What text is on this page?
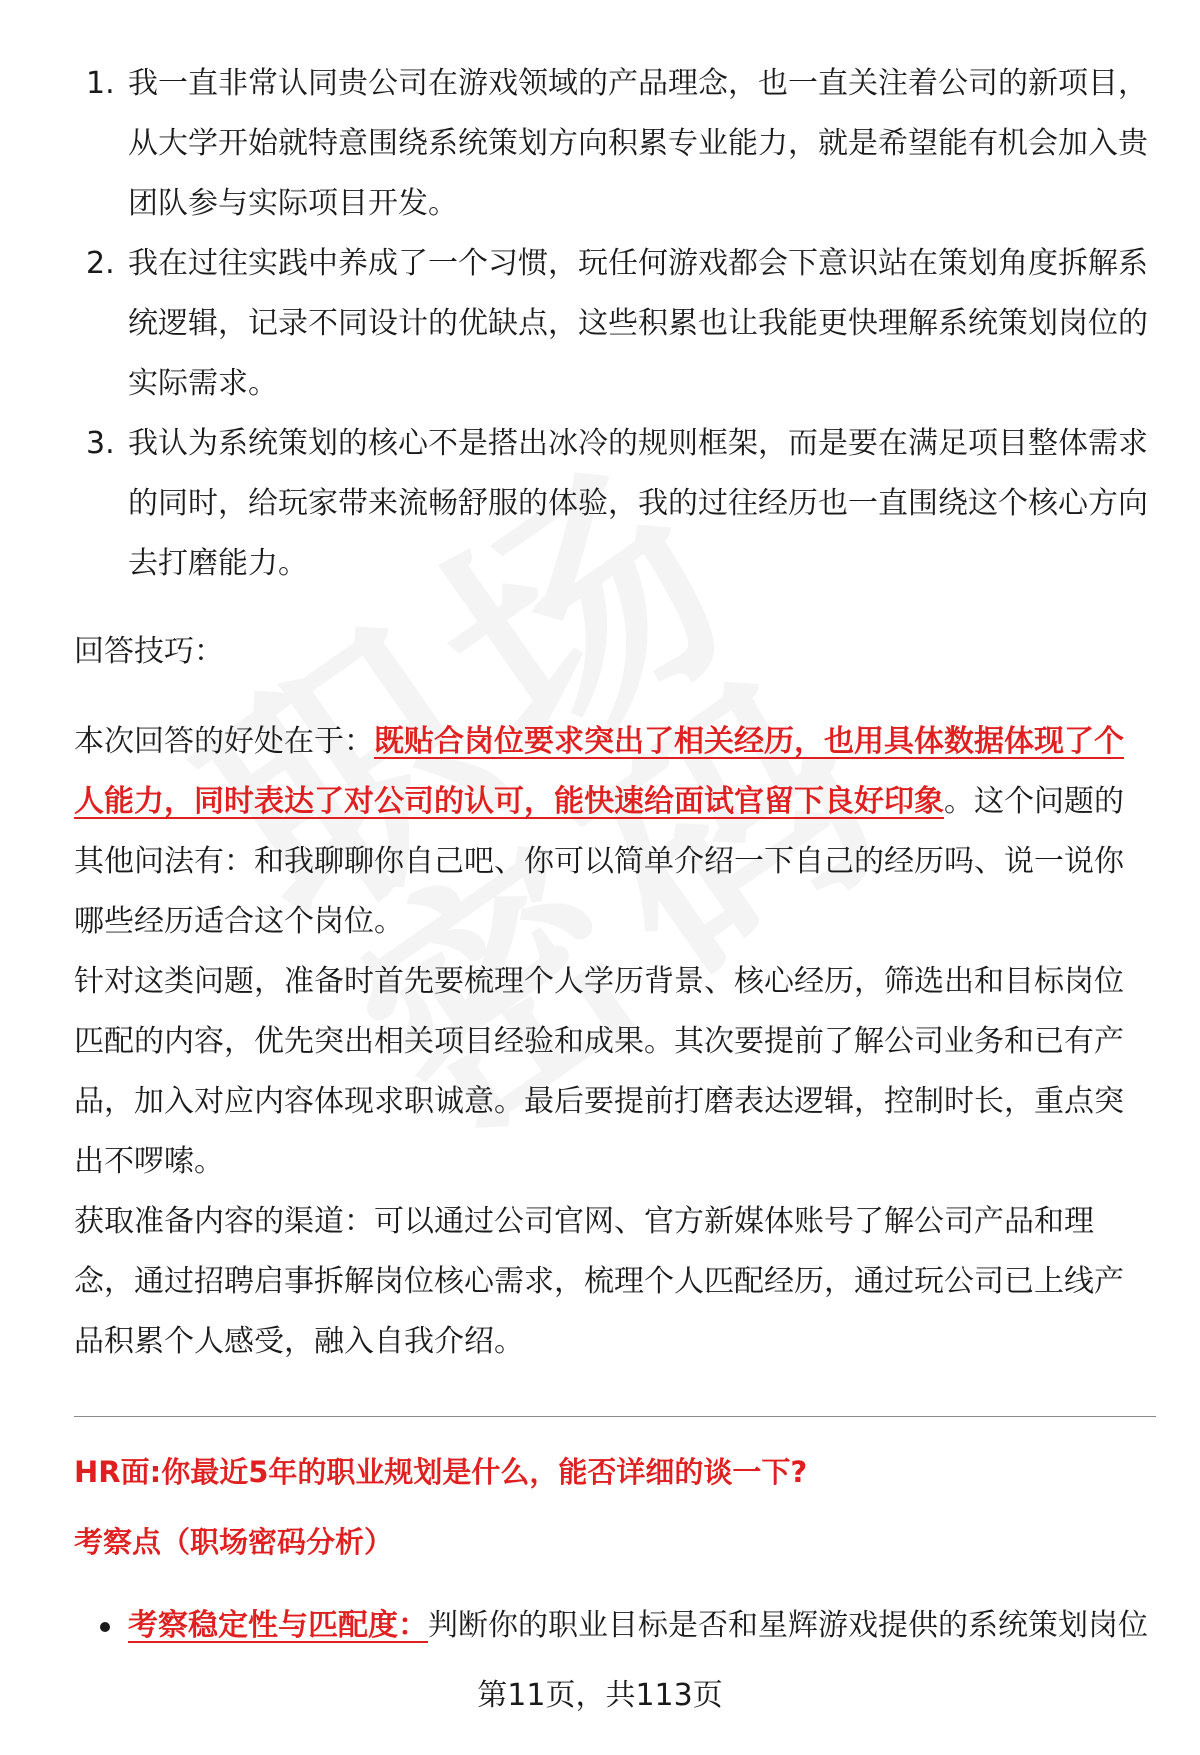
1. 我一直非常认同贵公司在游戏领域的产品理念，也一直关注着公司的新项目，从大学开始就特意围绕系统策划方向积累专业能力，就是希望能有机会加入贵团队参与实际项目开发。
2. 我在过往实践中养成了一个习惯，玩任何游戏都会下意识站在策划角度拆解系统逻辑，记录不同设计的优缺点，这些积累也让我能更快理解系统策划岗位的实际需求。
3. 我认为系统策划的核心不是搭出冰冷的规则框架，而是要在满足项目整体需求的同时，给玩家带来流畅舒服的体验，我的过往经历也一直围绕这个核心方向去打磨能力。
回答技巧：
本次回答的好处在于：既贴合岗位要求突出了相关经历，也用具体数据体现了个人能力，同时表达了对公司的认可，能快速给面试官留下良好印象。这个问题的其他问法有：和我聊聊你自己吧、你可以简单介绍一下自己的经历吗、说一说你哪些经历适合这个岗位。
针对这类问题，准备时首先要梳理个人学历背景、核心经历，筛选出和目标岗位匹配的内容，优先突出相关项目经验和成果。其次要提前了解公司业务和已有产品，加入对应内容体现求职诚意。最后要提前打磨表达逻辑，控制时长，重点突出不啰嗦。
获取准备内容的渠道：可以通过公司官网、官方新媒体账号了解公司产品和理念，通过招聘启事拆解岗位核心需求，梳理个人匹配经历，通过玩公司已上线产品积累个人感受，融入自我介绍。
HR面:你最近5年的职业规划是什么，能否详细的谈一下?
考察点（职场密码分析）
考察稳定性与匹配度：判断你的职业目标是否和星辉游戏提供的系统策划岗位
第11页，共113页
